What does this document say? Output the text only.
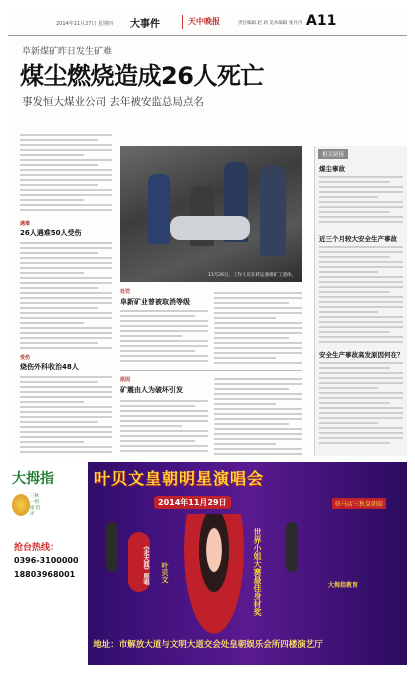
2014年11月27日 星期四 大事件	天中晚报	责任编辑 赵 莉 美术编辑 张丹丹 A11
阜新煤矿昨日发生矿难
煤尘燃烧造成26人死亡
事发恒大煤业公司 去年被安监总局点名
遇难
26人遇难50人受伤
受伤
烧伤外科收治48人
11月26日，工作人员在转运遇难矿工遗体。
处罚
阜新矿业曾被取消等级
原因
矿震由人为破坏引发
相关链接
煤尘事故
近三个月较大安全生产事故
安全生产事故高发原因何在？
大拇指
三秋 一拇 指 伯 评
抢台热线：
0396-3100000
18803968001
叶贝文皇朝明星演唱会
2014年11月29日	驻马店三秋皇朝娱
《走天涯》原唱 叶贝文	世界小姐大赛最佳身材奖	大拇指教育
地址：市解放大道与文明大道交会处皇朝娱乐会所四楼演艺厅
